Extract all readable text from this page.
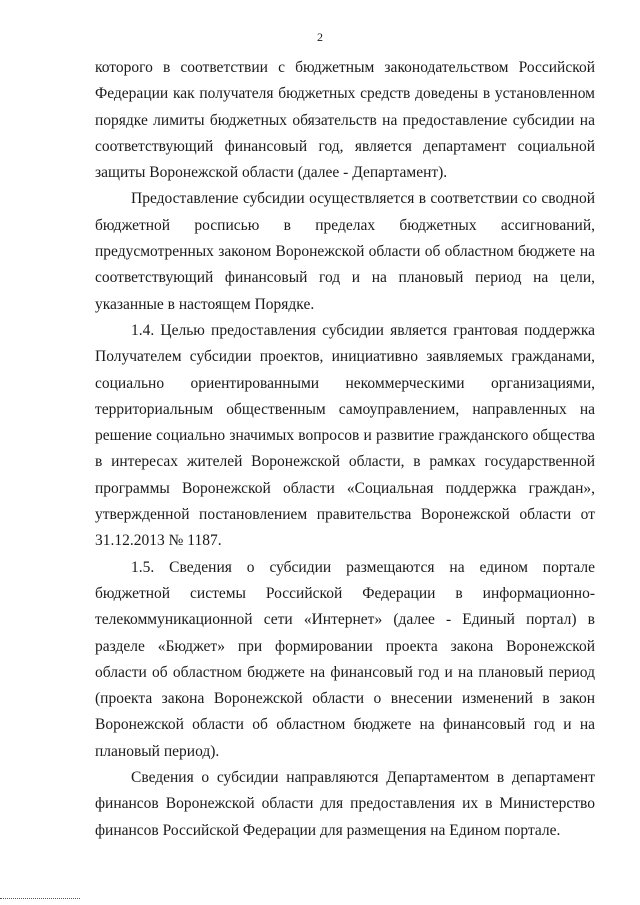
2

которого в соответствии с бюджетным законодательством Российской Федерации как получателя бюджетных средств доведены в установленном порядке лимиты бюджетных обязательств на предоставление субсидии на соответствующий финансовый год, является департамент социальной защиты Воронежской области (далее - Департамент).

Предоставление субсидии осуществляется в соответствии со сводной бюджетной росписью в пределах бюджетных ассигнований, предусмотренных законом Воронежской области об областном бюджете на соответствующий финансовый год и на плановый период на цели, указанные в настоящем Порядке.

1.4. Целью предоставления субсидии является грантовая поддержка Получателем субсидии проектов, инициативно заявляемых гражданами, социально ориентированными некоммерческими организациями, территориальным общественным самоуправлением, направленных на решение социально значимых вопросов и развитие гражданского общества в интересах жителей Воронежской области, в рамках государственной программы Воронежской области «Социальная поддержка граждан», утвержденной постановлением правительства Воронежской области от 31.12.2013 № 1187.

1.5. Сведения о субсидии размещаются на едином портале бюджетной системы Российской Федерации в информационно-телекоммуникационной сети «Интернет» (далее - Единый портал) в разделе «Бюджет» при формировании проекта закона Воронежской области об областном бюджете на финансовый год и на плановый период (проекта закона Воронежской области о внесении изменений в закон Воронежской области об областном бюджете на финансовый год и на плановый период).

Сведения о субсидии направляются Департаментом в департамент финансов Воронежской области для предоставления их в Министерство финансов Российской Федерации для размещения на Едином портале.
